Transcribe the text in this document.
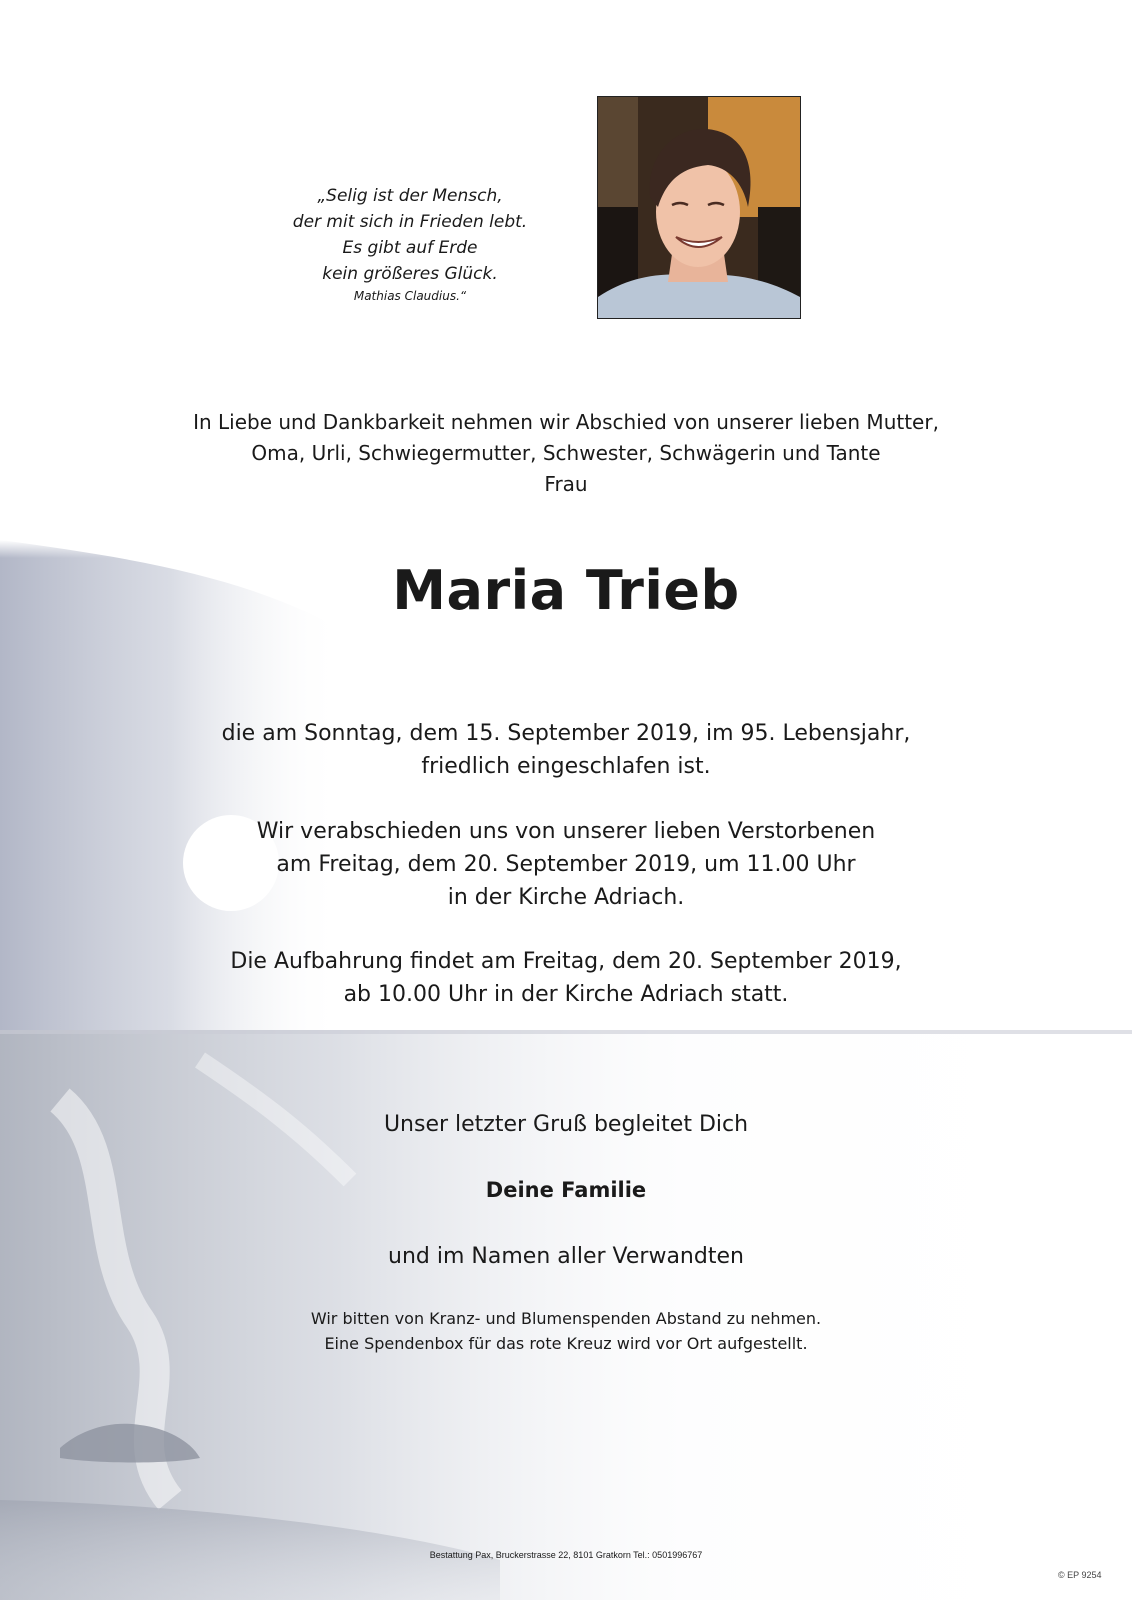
„Selig ist der Mensch,
der mit sich in Frieden lebt.
Es gibt auf Erde
kein größeres Glück.
Mathias Claudius.“
In Liebe und Dankbarkeit nehmen wir Abschied von unserer lieben Mutter,
Oma, Urli, Schwiegermutter, Schwester, Schwägerin und Tante
Frau
Maria Trieb
die am Sonntag, dem 15. September 2019, im 95. Lebensjahr,
friedlich eingeschlafen ist.
Wir verabschieden uns von unserer lieben Verstorbenen
am Freitag, dem 20. September 2019, um 11.00 Uhr
in der Kirche Adriach.
Die Aufbahrung findet am Freitag, dem 20. September 2019,
ab 10.00 Uhr in der Kirche Adriach statt.
Unser letzter Gruß begleitet Dich
Deine Familie
und im Namen aller Verwandten
Wir bitten von Kranz- und Blumenspenden Abstand zu nehmen.
Eine Spendenbox für das rote Kreuz wird vor Ort aufgestellt.
Bestattung Pax, Bruckerstrasse 22, 8101 Gratkorn Tel.: 0501996767
© EP 9254
